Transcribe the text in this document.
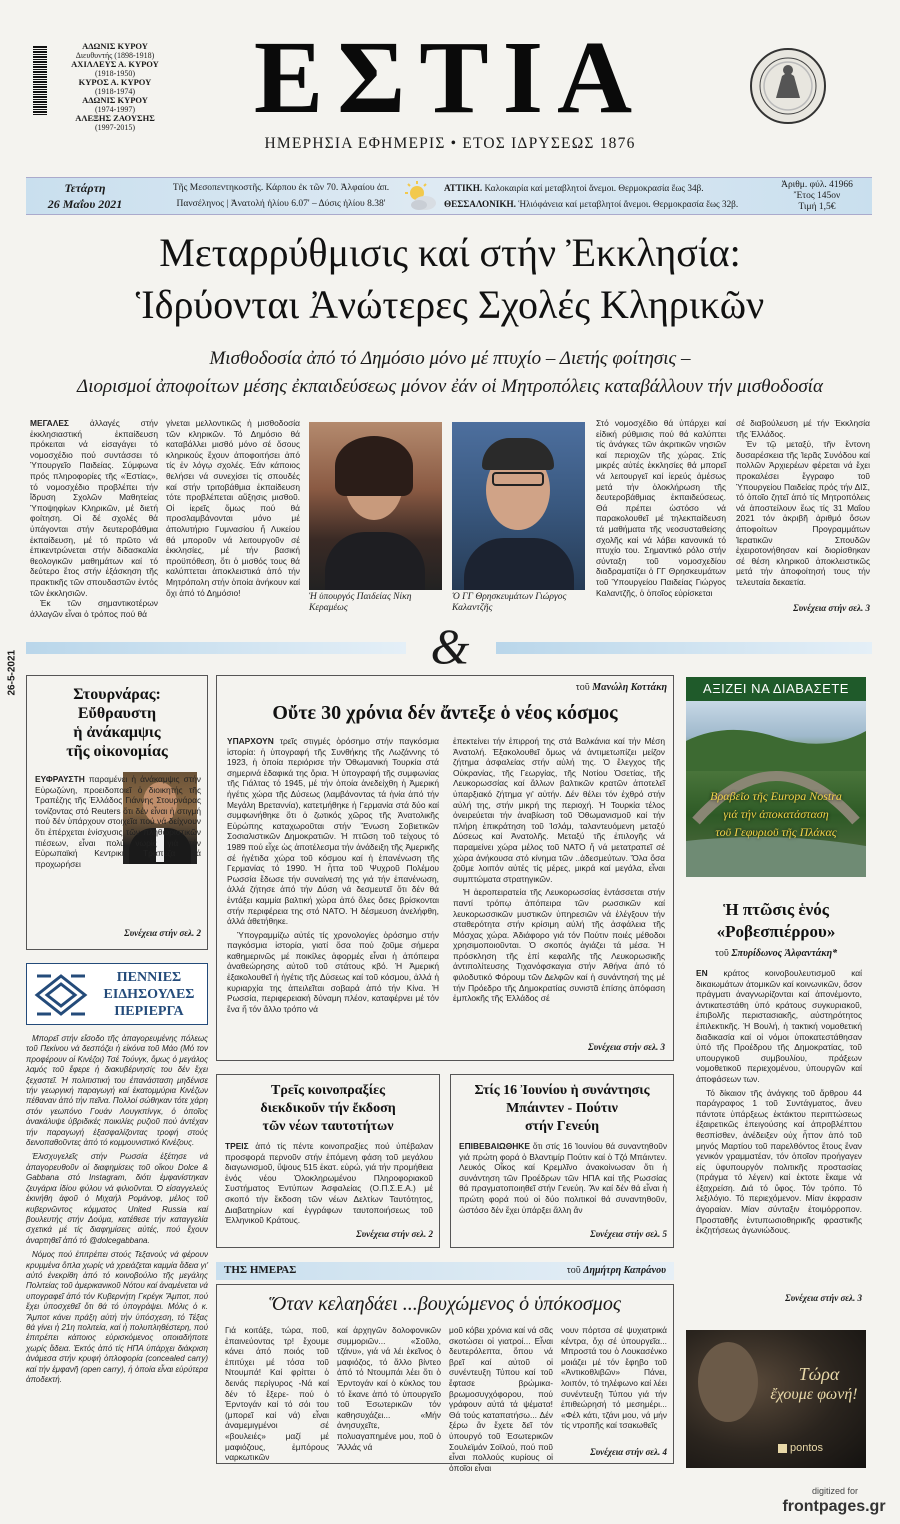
ΑΔΩΝΙΣ ΚΥΡΟΥ
Διευθυντής (1898-1918)
ΑΧΙΛΛΕΥΣ Α. ΚΥΡΟΥ
(1918-1950)
ΚΥΡΟΣ Α. ΚΥΡΟΥ
(1918-1974)
ΑΔΩΝΙΣ ΚΥΡΟΥ
(1974-1997)
ΑΛΕΞΗΣ ΖΑΟΥΣΗΣ
(1997-2015)	ΕΣΤΙΑ
ΗΜΕΡΗΣΙΑ ΕΦΗΜΕΡΙΣ • ΕΤΟΣ ΙΔΡΥΣΕΩΣ 1876
26-5-2021
Τετάρτη
26 Μαΐου 2021
Τῆς Μεσοπεντηκοστῆς. Κάρπου ἐκ τῶν 70. Ἀλφαίου ἀπ.
Πανσέληνος | Ἀνατολή ἡλίου 6.07' – Δύσις ἡλίου 8.38'
ΑΤΤΙΚΗ. Καλοκαιρία καί μεταβλητοί ἄνεμοι. Θερμοκρασία ἕως 34β.
ΘΕΣΣΑΛΟΝΙΚΗ. Ἡλιόφάνεια καί μεταβλητοί ἄνεμοι. Θερμοκρασία ἕως 32β.
Ἀριθμ. φύλ. 41966
Ἔτος 145ον
Τιμή 1,5€
Μεταρρύθμισις καί στήν Ἐκκλησία:
Ἱδρύονται Ἀνώτερες Σχολές Κληρικῶν
Μισθοδοσία ἀπό τό Δημόσιο μόνο μέ πτυχίο – Διετής φοίτησις –
Διορισμοί ἀποφοίτων μέσης ἐκπαιδεύσεως μόνον ἐάν οἱ Μητροπόλεις καταβάλλουν τήν μισθοδοσία
ΜΕΓΑΛΕΣ ἀλλαγές στήν ἐκκλησιαστική ἐκπαίδευση πρόκειται νά εἰσαγάγει τό νομοσχέδιο πού συντάσσει τό Ὑπουργεῖο Παιδείας. Σύμφωνα πρός πληροφορίες τῆς «Ἑστίας», τό νομοσχέδιο προβλέπει τήν ἵδρυση Σχολῶν Μαθητείας Ὑποψηφίων Κληρικῶν, μέ διετή φοίτηση. Οἱ δέ σχολές θά ὑπάγονται στήν δευτεροβάθμια ἐκπαίδευση, μέ τό πρῶτο νά ἐπικεντρώνεται στήν διδασκαλία θεολογικῶν μαθημάτων καί τό δεύτερο ἔτος στήν ἐξάσκηση τῆς πρακτικῆς τῶν σπουδαστῶν ἐντός τῶν ἐκκλησιῶν.
Ἐκ τῶν σημαντικοτέρων ἀλλαγῶν εἶναι ὁ τρόπος πού θά
γίνεται μελλοντικῶς ἡ μισθοδοσία τῶν κληρικῶν. Τό Δημόσιο θά καταβάλλει μισθό μόνο σέ ὅσους κληρικούς ἔχουν ἀποφοιτήσει ἀπό τίς ἐν λόγῳ σχολές. Ἐάν κάποιος θελήσει νά συνεχίσει τίς σπουδές καί στήν τριτοβάθμια ἐκπαίδευση τότε προβλέπεται αὔξησις μισθοῦ. Οἱ ἱερεῖς ὅμως πού θά προσλαμβάνονται μόνο μέ ἀπολυτήριο Γυμνασίου ἤ Λυκείου θά μποροῦν νά λειτουργοῦν σέ ἐκκλησίες, μέ τήν βασική προϋπόθεση, ὅτι ὁ μισθός τους θά καλύπτεται ἀποκλειστικά ἀπό τήν Μητρόπολη στήν ὁποία ἀνήκουν καί ὄχι ἀπό τό Δημόσιο!	Ἡ ὑπουργός Παιδείας Νίκη Κεραμέως
Ὁ ΓΓ Θρησκευμάτων Γιώργος Καλαντζῆς
Στό νομοσχέδιο θά ὑπάρχει καί εἰδική ρύθμισις πού θά καλύπτει τίς ἀνάγκες τῶν ἀκριτικῶν νησιῶν καί περιοχῶν τῆς χώρας. Στίς μικρές αὐτές ἐκκλησίες θά μπορεῖ νά λειτουργεῖ καί ἱερεύς ἀμέσως μετά τήν ὁλοκλήρωση τῆς δευτεροβάθμιας ἐκπαιδεύσεως. Θά πρέπει ὡστόσο νά παρακολουθεῖ μέ τηλεκπαίδευση τά μαθήματα τῆς νεοσυσταθείσης σχολῆς καί νά λάβει κανονικά τό πτυχίο του. Σημαντικό ρόλο στήν σύνταξη τοῦ νομοσχεδίου διαδραματίζει ὁ ΓΓ Θρησκευμάτων τοῦ Ὑπουργείου Παιδείας Γιώργος Καλαντζῆς, ὁ ὁποῖος εὑρίσκεται
σέ διαβούλευση μέ τήν Ἐκκλησία τῆς Ἑλλάδος.
Ἐν τῷ μεταξύ, τῆν ἔντονη δυσαρέσκεια τῆς Ἱερᾶς Συνόδου καί πολλῶν Ἀρχιερέων φέρεται νά ἔχει προκαλέσει ἔγγραφο τοῦ Ὑπουργείου Παιδείας πρός τήν ΔΙΣ, τό ὁποῖο ζητεῖ ἀπό τίς Μητροπόλεις νά ἀποστείλουν ἕως τίς 31 Μαΐου 2021 τόν ἀκριβῆ ἀριθμό ὅσων ἀποφοίτων Προγραμμάτων Ἱερατικῶν Σπουδῶν ἐχειροτονήθησαν καί διορίσθηκαν σέ θέση κληρικοῦ ἀποκλειστικῶς μετά τήν ἀποφοίτησή τους τήν τελευταία δεκαετία.
Συνέχεια στήν σελ. 3
&
Στουρνάρας:
Εὔθραυστη
ἡ ἀνάκαμψις
τῆς οἰκονομίας
ΕΥΦΡΑΥΣΤΗ παραμένει ἡ ἀνάκαμψις στήν Εὐρωζώνη, προειδοποιεῖ ὁ διοικητής τῆς Τραπέζης τῆς Ἑλλάδος Γιάννης Στουρνάρας τονίζοντας στό Reuters ὅτι δέν εἶναι ἡ στιγμή πού δέν ὑπάρχουν στοιχεῖα πού νά δείχνουν ὅτι ἐπέρχεται ἐνίσχυσις τῶν πληθωριστικῶν πιέσεων, εἶναι πολύ νωρίς γιά τήν Εὐρωπαϊκή Κεντρική Τράπεζα νά προχωρήσει
Συνέχεια στήν σελ. 2
ΠΕΝΝΙΕΣ
ΕΙΔΗΣΟΥΛΕΣ
ΠΕΡΙΕΡΓΑ
Μπορεῖ στήν εἴσοδο τῆς ἀπαγορευμένης πόλεως τοῦ Πεκίνου νά δεσπόζει ἡ εἰκόνα τοῦ Μάο (Μό τον προφέρουν οἱ Κινέζοι) Τσέ Τούνγκ, ὅμως ὁ μεγάλος λαμός τοῦ ἔφερε ἡ διακυβέρνησίς του δέν ἔχει ξεχαστεῖ. Ἡ πολιτιστική του ἐπανάσταση μηδένισε τήν γεωργική παραγωγή καί ἑκατομμύρια Κινέζων πέθαναν ἀπό τήν πεῖνα. Πολλοί σώθηκαν τότε χάρη στόν γεωπόνο Γουάν Λουγκπίνγκ, ὁ ὁποῖος ἀνακάλυψε ὑβριδικές ποικιλίες ρυζιοῦ πού ἀντέχαν τήν παραγωγή ἐξασφαλίζοντας τροφή στούς δεινοπαθοῦντες ἀπό τό κομμουνιστικό Κινέζους.
Ἐλισχυγελεῖς στήν Ρωσσία ἐξέτησε νά ἀπαγορευθοῦν οἱ διαφημίσεις τοῦ οἴκου Dolce & Gabbana στό Instagram, διότι ἐμφανίστηκαν ζευγάρια ἰδίου φύλου νά φιλιοῦνται. Ὁ εἰσαγγελεύς ἐκινήθη ἀφοῦ ὁ Μιχαήλ Ρομάνοφ, μέλος τοῦ κυβερνῶντος κόμματος United Russia καί βουλευτής στήν Δούμα, κατέθεσε τήν καταγγελία σχετικά μέ τίς διαφημίσεις αὐτές, πού ἔχουν ἀναρτηθεῖ ἀπό τό @dolcegabbana.
Νόμος πού ἐπιτρέπει στούς Τεξανούς νά φέρουν κρυμμένα ὅπλα χωρίς νά χρειάζεται καμμία ἄδεια γι' αὐτό ἐνεκρίθη ἀπό τό κοινοβούλιο τῆς μεγάλης Πολιτείας τοῦ ἀμερικανικοῦ Νότου καί ἀναμένεται νά υπογραφεῖ ἀπό τόν Κυβερνήτη Γκρέγκ Ἄμποτ, πού ἔχει ὑποσχεθεῖ ὅτι θά τό ὑπογράψει. Μόλις ὁ κ. Ἄμποτ κάνει πράξη αὐτή τήν ὑπόσχεση, τό Τέξας θά γίνει ἡ 21η πολιτεία, καί ἡ πολυπληθέστερη, πού ἐπιτρέπει κάποιος εὑρισκόμενος οποιαδήποτε χωρίς ἄδεια. Ἐκτός ἀπό τίς ΗΠΑ ὑπάρχει διάκριση ἀνάμεσα στήν κρυφή ὁπλοφορία (concealed carry) καί τήν ἐμφανῆ (open carry), ἡ ὁποία εἶναι εὐρύτερα ἀποδεκτή.
τοῦ Μανώλη Κοττάκη
Οὔτε 30 χρόνια δέν ἄντεξε ὁ νέος κόσμος
ΥΠΑΡΧΟΥΝ τρεῖς στιγμές ὁρόσημο στήν παγκόσμια ἱστορία: ἡ ὑπογραφή τῆς Συνθήκης τῆς Λωζάννης τό 1923, ἡ ὁποία περιόρισε τήν Ὀθωμανική Τουρκία στά σημερινά ἐδαφικά της ὅρια. Ἡ ὑπογραφή τῆς συμφωνίας τῆς Γιάλτας τό 1945, μέ τήν ὁποία ἀνεδείχθη ἡ Ἀμερική ἡγέτις χώρα τῆς Δύσεως (λαμβάνοντας τά ἡνία ἀπό τήν Μεγάλη Βρεταννία), κατετμήθηκε ἡ Γερμανία στά δύο καί συμφωνήθηκε ὅτι ὁ ζωτικός χῶρος τῆς Ἀνατολικῆς Εὐρώπης καταχωροῦται στήν Ἕνωση Σοβιετικῶν Σοσιαλιστικῶν Δημοκρατιῶν. Ἡ πτῶση τοῦ τείχους τό 1989 πού εἶχε ὡς ἀποτέλεσμα τήν ἀνάδειξη τῆς Ἀμερικῆς σέ ἡγέτιδα χώρα τοῦ κόσμου καί ἡ ἐπανένωση τῆς Γερμανίας τό 1990. Ἡ ἧττα τοῦ Ψυχροῦ Πολέμου Ρωσσία ἔδωσε τήν συναίνεσή της γιά τήν ἐπανένωση, ἀλλά ζήτησε ἀπό τήν Δύση νά δεσμευτεῖ ὅτι δέν θά ἐντάξει καμμία βαλτική χώρα ἀπό ὅλες ὅσες βρίσκονται στήν περιφέρεια της στό ΝΑΤΟ. Ἡ δέσμευση ἀνελήφθη, ἀλλά ἀθετήθηκε.
Ὑπογραμμίζω αὐτές τίς χρονολογίες ὁρόσημο στήν παγκόσμια ἱστορία, γιατί ὅσα πού ζοῦμε σήμερα καθημερινῶς μέ ποικίλες ἀφορμές εἶναι ἡ ἀπόπειρα ἀναθεώρησης αὐτοῦ τοῦ στάτους κβό. Ἡ Ἀμερική ἐξακολουθεῖ ἡ ἡγέτις τῆς Δύσεως καί τοῦ κόσμου, ἀλλά ἡ κυριαρχία της ἀπειλεῖται σοβαρά ἀπό τήν Κίνα. Ἡ Ρωσσία, περιφερειακή δύναμη πλέον, καταφέρνει μέ τόν ἕνα ἤ τόν ἄλλο τρόπο νά
ἐπεκτείνει τήν ἐπιρροή της στά Βαλκάνια καί τήν Μέση Ἀνατολή. Ἐξακολουθεῖ ὅμως νά ἀντιμετωπίζει μείζον ζήτημα ἀσφαλείας στήν αὐλή της. Ὁ ἔλεγχος τῆς Οὐκρανίας, τῆς Γεωργίας, τῆς Νοτίου Ὀσετίας, τῆς Λευκορωσσίας καί ἄλλων βαλτικῶν κρατῶν ἀποτελεῖ ὑπαρξιακό ζήτημα γι' αὐτήν. Δέν θέλει τόν ἐχθρό στήν αὐλή της, στήν μικρή της περιοχή. Ἡ Τουρκία τέλος ὀνειρεύεται τήν ἀναβίωση τοῦ Ὀθωμανισμοῦ καί τήν πλήρη ἐπικράτηση τοῦ Ἰσλάμ, ταλαντευόμενη μεταξύ Δύσεως καί Ἀνατολῆς. Μεταξύ τῆς ἐπιλογῆς νά παραμείνει χώρα μέλος τοῦ ΝΑΤΟ ἤ νά μετατραπεῖ σέ χώρα ἀνήκουσα στό κίνημα τῶν ..ἀδεσμεύτων. Ὅλα ὅσα ζοῦμε λοιπόν αὐτές τίς μέρες, μικρά καί μεγάλα, εἶναι συμπτώματα στρατηγικῶν.
Ἡ ἀεροπειρατεία τῆς Λευκορωσσίας ἐντάσσεται στήν παντί τρόπῳ ἀπόπειρα τῶν ρωσσικῶν καί λευκορωσσικῶν μυστικῶν ὑπηρεσιῶν νά ἐλέγξουν τήν σταθερότητα στήν κρίσιμη αὐλή τῆς ἀσφάλεια τῆς Μόσχας χώρα. Ἀδιάφορο γιά τόν Πούτιν ποιές μέθοδοι χρησιμοποιοῦνται. Ὁ σκοπός ἁγιάζει τά μέσα. Ἡ πρόσκληση τῆς ἐπί κεφαλῆς τῆς Λευκορωσικῆς ἀντιπολίτευσης Τιχανόφσκαγια στήν Ἀθήνα ἀπό τό φιλοδυτικό Φόρουμ τῶν Δελφῶν καί ἡ συνάντησή της μέ τήν Πρόεδρο τῆς Δημοκρατίας συνιστᾶ ἐπίσης ἀπόφαση ἐμπλοκῆς τῆς Ἑλλάδος σέ
Συνέχεια στήν σελ. 3
ΑΞΙΖΕΙ ΝΑ ΔΙΑΒΑΣΕΤΕ
Βραβεῖο τῆς Europa Nostra
γιά τήν ἀποκατάσταση
τοῦ Γεφυριοῦ τῆς Πλάκας
Ἡ πτῶσις ἑνός
«Ροβεσπιέρρου»
τοῦ Σπυρίδωνος Ἀλφαντάκη*
ΕΝ κράτος κοινοβουλευτισμοῦ καί δικαιωμάτων ἀτομικῶν καί κοινωνικῶν, ὅσον πράγματι ἀναγνωρίζονται καί ἀπονέμοντο, ἀντικατεστάθη ὑπό κράτους συγκυριακοῦ, ἐπιβολῆς περιστασιακῆς, αὐστηρότητος ἐπιλεκτικῆς. Ἡ Βουλή, ἡ τακτική νομοθετική διαδικασία καί οἱ νόμοι ὑποκατεστάθησαν ὑπό τῆς Προέδρου τῆς Δημοκρατίας, τοῦ υπουργικοῦ συμβουλίου, πράξεων νομοθετικοῦ περιεχομένου, ὑπουργῶν καί ἀποφάσεων των.
Τό δίκαιον τῆς ἀνάγκης τοῦ ἄρθρου 44 παράγραφος 1 τοῦ Συντάγματος, ἄνευ πάντοτε ὑπάρξεως ἐκτάκτου περιπτώσεως ἐξαιρετικῶς ἐπειγούσης καί ἀπροβλέπτου θεσπίσθεν, ἀνέδειξεν οὐχ ἧττον ἀπό τοῦ μηνός Μαρτίου τοῦ παρελθόντος ἔτους ἕναν γενικόν γραμματέαν, τόν ὁποῖον προήγαγεν εἰς ὑφυπουργόν πολιτικῆς προστασίας (πράγμα τό λέγειν) καί ἐκτοτε ἔκαμε νά ἐξαχρείση. Διά τό ὕφος. Τόν τρόπο. Τό λεξιλόγιο. Τό περιεχόμενον. Μίαν ἐκφρασιν ἀγοραίαν. Μίαν σύνταξιν ἐτοιμόρροπον. Προσταθῆς ἐντυπωσιοθηρικῆς φραστικῆς ἐκζητήσεως ἀγωνιώδους.
Συνέχεια στήν σελ. 3
Τρεῖς κοινοπραξίες
διεκδικοῦν τήν ἔκδοση
τῶν νέων ταυτοτήτων
ΤΡΕΙΣ ἀπό τίς πέντε κοινοπραξίες πού ὑπέβαλαν προσφορά περνοῦν στήν ἑπόμενη φάση τοῦ μεγάλου διαγωνισμοῦ, ὕψους 515 ἑκατ. εὐρώ, γιά τήν προμήθεια ἐνός νέου Ὁλοκληρωμένου Πληροφοριακοῦ Συστήματος Ἐντύπων Ἀσφαλείας (Ο.Π.Σ.Ε.Α.) μέ σκοπό τήν ἔκδοση τῶν νέων Δελτίων Ταυτότητος, Διαβατηρίων καί ἐγγράφων ταυτοποιήσεως τοῦ Ἑλληνικοῦ Κράτους.
Συνέχεια στήν σελ. 2
Στίς 16 Ἰουνίου ἡ συνάντησις
Μπάιντεν - Πούτιν
στήν Γενεύη
ΕΠΙΒΕΒΑΙΩΘΗΚΕ ὅτι στίς 16 Ἰουνίου θά συναντηθοῦν γιά πρώτη φορά ὁ Βλαντιμίρ Πούτιν καί ὁ Τζό Μπάιντεν. Λευκός Οἶκος καί Κρεμλῖνο ἀνακοίνωσαν ὅτι ἡ συνάντηση τῶν Προέδρων τῶν ΗΠΑ καί τῆς Ρωσσίας θά πραγματοποιηθεῖ στήν Γενεύη. Ἄν καί δέν θά εἶναι ἡ πρώτη φορά πού οἱ δύο πολιτικοί θά συναντηθοῦν, ὡστόσο δέν ἔχει ὑπάρξει ἄλλη ἄν
Συνέχεια στήν σελ. 5
ΤΗΣ ΗΜΕΡΑΣ	τοῦ Δημήτρη Καπράνου
Ὅταν κελαηδάει ...βουχώμενος ὁ ὑπόκοσμος
Γιά κοιτάξε, τώρα, ποῦ, ἐπαινεύοντας τρ! ἔχουμε κάνει ἀπό ποιός τοῦ ἐπιτύχει μέ τόσα τοῦ Ντουμπά! Καί φρίττει ὁ δεινάς περίγυρος -Νά καί δέν τό ἔξερε- πού ὁ Ἐρντογάν καί τό σόι του (μπορεῖ καί νά) εἶναι ἀναμεμιγμένοι σέ «βουλειές» μαζί μέ μαφιόζους, ἐμπόρους ναρκωτικῶν
καί ἀρχηγῶν δολοφονικῶν συμμοριῶν... «Σοῦλο, τζάνυ», γιά νά λέι ἐκεῖνος ὁ μαφιόζος, τό ἄλλο βίντεο ἀπό τό Ντουμπάι λέει ὅτι ὁ Ἐρντογάν καί ὁ κύκλος του τό ἔκανε ἀπό τό ὑπουργεῖο τοῦ Ἐσωτερικῶν τόν καθησυχάζει... «Μήν ἀνησυχεῖτε, πολυαγαπημένε μου, ποῦ ὁ Ἄλλάς νά
μοῦ κόβει χρόνια καί νά σᾶς σκοτώσει οἱ γιατροί... Εἶναι δευτερόλεπτα, ὅπου νά βρεῖ καί αὐτοῦ οἱ συνέντευξη Τύπου καί τοῦ ἔφτασε βρώμικα-βρωμοσυγχόφορου, πού γράφουν αὐτά τά ψέματα! Θά τούς καταπατήσω... Δέν ξέρω ἄν ἔχετε δεῖ τόν ὑπουργό τοῦ Ἐσωτερικῶν Σουλεϊμάν Σοϊλού, πού ποῦ εἶναι πολλούς κυρίους οἱ ὁποῖοι εἶναι
νουν πόρτσα σέ ψυχιατρικά κέντρα, ὄχι σέ ὑπουργεῖα... Μπροστά του ὁ Λουκασένκο μοιάζει μέ τόν ἔφηβο τοῦ «Ἀντικοθλιβῶν» Πάνει, λοιπόν, τό τηλέφωνο καί λέει συνέντευξη Τύπου γιά τήν ἐπιθεώρησή τό μεσημέρι... «Φέλ κάτι, τζάνι μου, νά μήν τίς ντροπῆς καί τσακωθεῖς
Συνέχεια στήν σελ. 4
Τώρα
ἔχουμε φωνή!
pontos
digitized for
frontpages.gr
